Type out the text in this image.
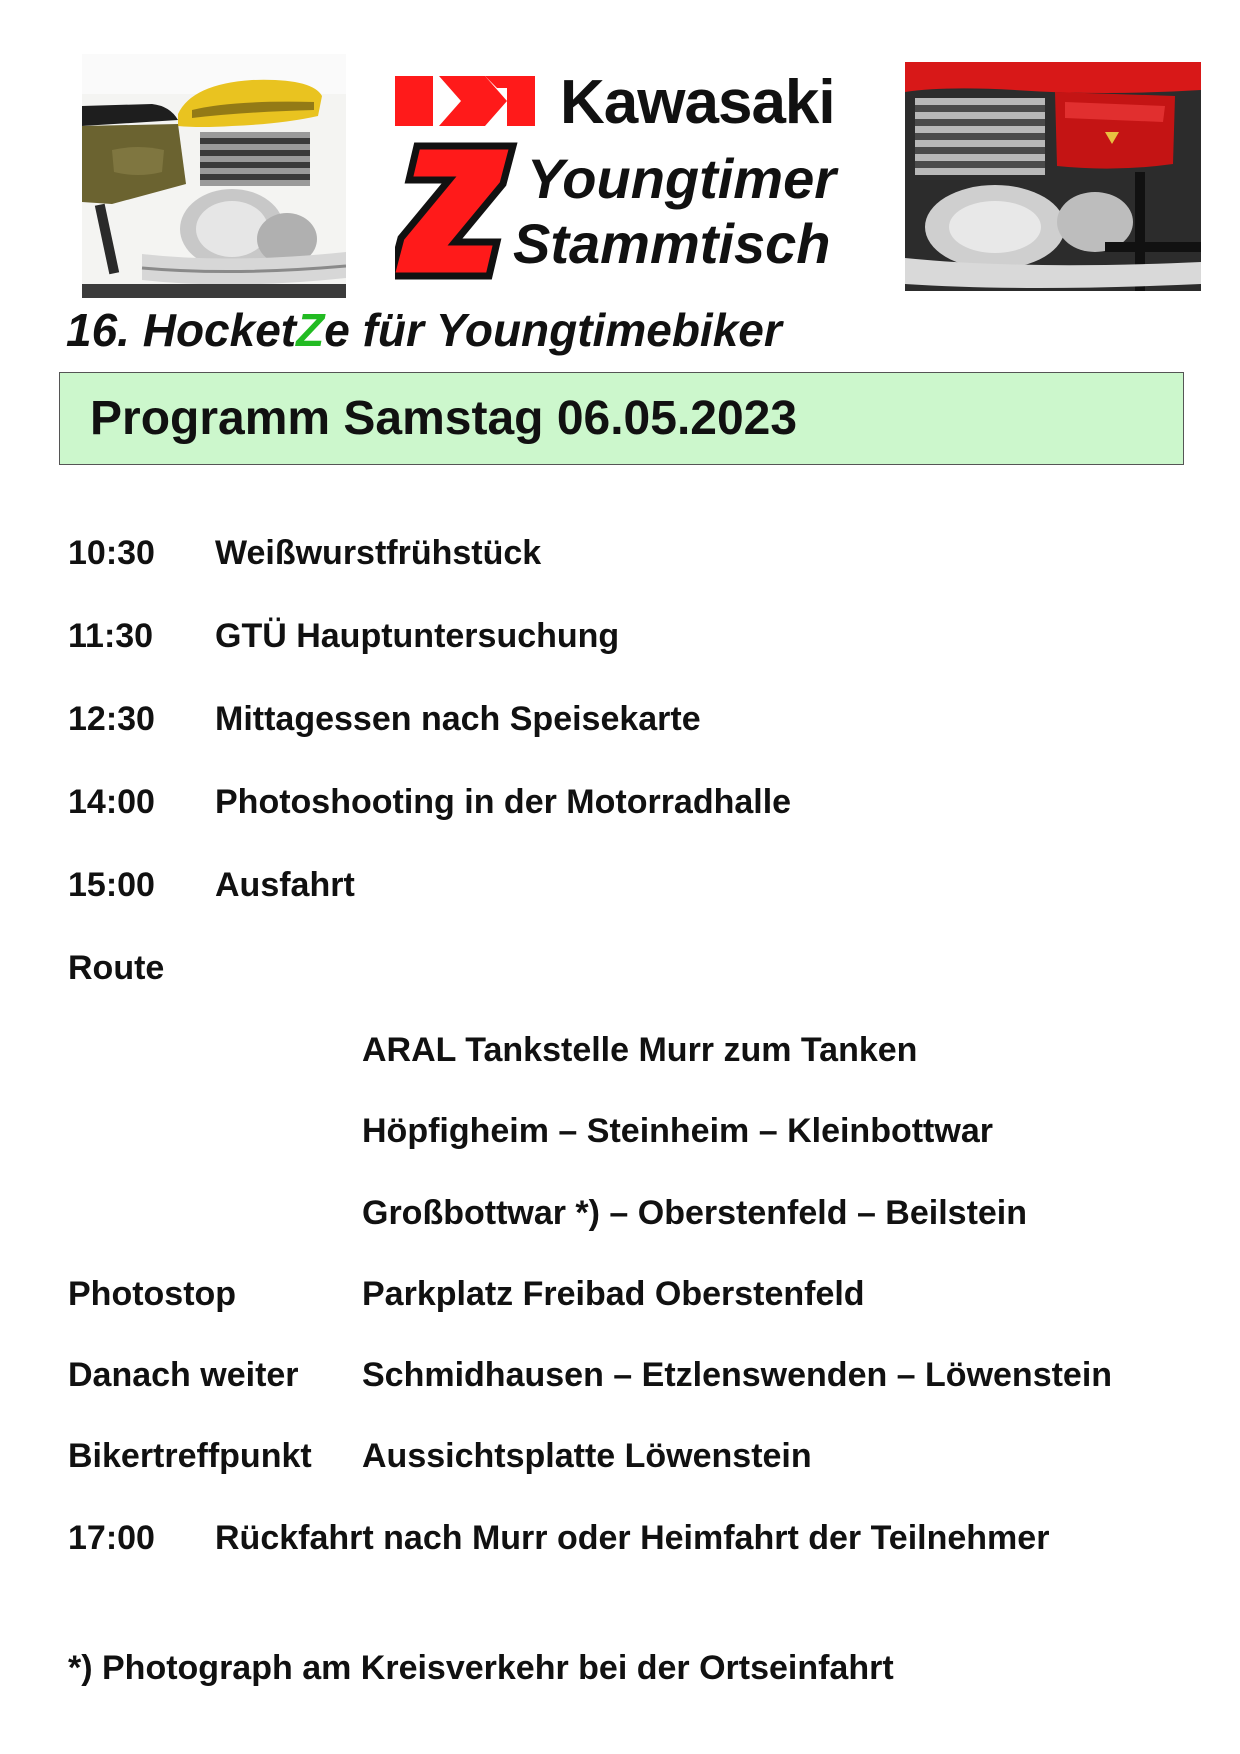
Kawasaki
Youngtimer
Stammtisch
16. HocketZe für Youngtimebiker
Programm Samstag 06.05.2023
10:30 Weißwurstfrühstück
11:30 GTÜ Hauptuntersuchung
12:30 Mittagessen nach Speisekarte
14:00 Photoshooting in der Motorradhalle
15:00 Ausfahrt
Route
ARAL Tankstelle Murr zum Tanken
Höpfigheim – Steinheim – Kleinbottwar
Großbottwar *) – Oberstenfeld – Beilstein
Photostop	Parkplatz Freibad Oberstenfeld
Danach weiter Schmidhausen – Etzlenswenden – Löwenstein
Bikertreffpunkt Aussichtsplatte Löwenstein
17:00 Rückfahrt nach Murr oder Heimfahrt der Teilnehmer
*) Photograph am Kreisverkehr bei der Ortseinfahrt
